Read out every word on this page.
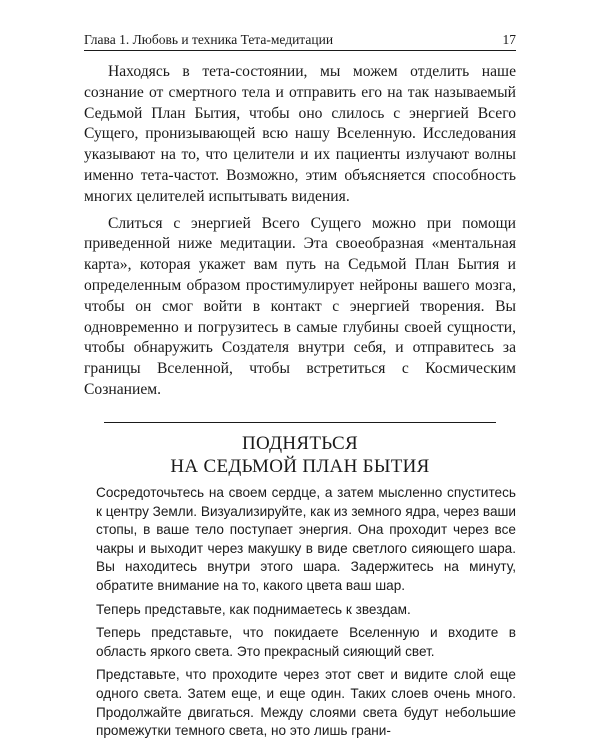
Глава 1. Любовь и техника Тета-медитации	17

Находясь в тета-состоянии, мы можем отделить наше сознание от смертного тела и отправить его на так называемый Седьмой План Бытия, чтобы оно слилось с энергией Всего Сущего, пронизывающей всю нашу Вселенную. Исследования указывают на то, что целители и их пациенты излучают волны именно тета-частот. Возможно, этим объясняется способность многих целителей испытывать видения.

Слиться с энергией Всего Сущего можно при помощи приведенной ниже медитации. Эта своеобразная «ментальная карта», которая укажет вам путь на Седьмой План Бытия и определенным образом простимулирует нейроны вашего мозга, чтобы он смог войти в контакт с энергией творения. Вы одновременно и погрузитесь в самые глубины своей сущности, чтобы обнаружить Создателя внутри себя, и отправитесь за границы Вселенной, чтобы встретиться с Космическим Сознанием.

ПОДНЯТЬСЯ
НА СЕДЬМОЙ ПЛАН БЫТИЯ

Сосредоточьтесь на своем сердце, а затем мысленно спуститесь к центру Земли. Визуализируйте, как из земного ядра, через ваши стопы, в ваше тело поступает энергия. Она проходит через все чакры и выходит через макушку в виде светлого сияющего шара. Вы находитесь внутри этого шара. Задержитесь на минуту, обратите внимание на то, какого цвета ваш шар.

Теперь представьте, как поднимаетесь к звездам.

Теперь представьте, что покидаете Вселенную и входите в область яркого света. Это прекрасный сияющий свет.

Представьте, что проходите через этот свет и видите слой еще одного света. Затем еще, и еще один. Таких слоев очень много. Продолжайте двигаться. Между слоями света будут небольшие промежутки темного света, но это лишь грани-
